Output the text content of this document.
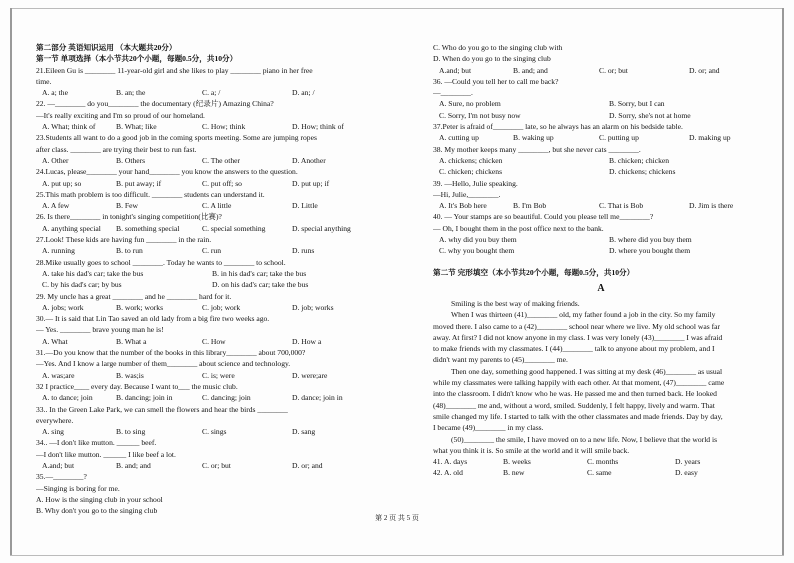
第二部分 英语知识运用 （本大题共20分）
第一节 单项选择（本小节共20个小题，每题0.5分，共10分）
21.Eileen Gu is ________ 11-year-old girl and she likes to play ________ piano in her free
time.
A. a; the	B. an; the	C. a; /	D. an; /
22. —________ do you________ the documentary (纪录片) Amazing China?
—It's really exciting and I'm so proud of our homeland.
A. What; think of	B. What; like	C. How; think	D. How; think of
23.Students all want to do a good job in the coming sports meeting. Some are jumping ropes
after class. ________ are trying their best to run fast.
A. Other	B. Others	C. The other	D. Another
24.Lucas, please________ your hand________ you know the answers to the question.
A. put up; so	B. put away; if	C. put off; so	D. put up; if
25.This math problem is too difficult. ________ students can understand it.
A. A few	B. Few	C. A little	D. Little
26. Is there________ in tonight's singing competition(比赛)?
A. anything special B. something special	C. special something	D. special anything
27.Look! These kids are having fun ________ in the rain.
A. running	B. to run	C. run	D. runs
28.Mike usually goes to school ________. Today he wants to ________ to school.
A. take his dad's car; take the bus	B. in his dad's car; take the bus
C. by his dad's car; by bus	D. on his dad's car; take the bus
29. My uncle has a great ________ and he ________ hard for it.
A. jobs; work	B. work; works	C. job; work	D. job; works
30.— It is said that Lin Tao saved an old lady from a big fire two weeks ago.
— Yes. ________ brave young man he is!
A. What	B. What a	C. How	D. How a
31.—Do you know that the number of the books in this library________ about 700,000?
—Yes. And I know a large number of them________ about science and technology.
A. was;are	B. was;is	C. is; were	D. were;are
32 I practice____ every day. Because I want to___ the music club.
A. to dance; join	B. dancing; join in	C. dancing; join	D. dance; join in
33.. In the Green Lake Park, we can smell the flowers and hear the birds ________
everywhere.
A. sing	B. to sing	C. sings	D. sang
34.. —I don't like mutton. ______ beef.
—I don't like mutton. ______ I like beef a lot.
A.and; but	B. and; and	C. or; but	D. or; and
35.—________?
—Singing is boring for me.
A. How is the singing club in your school
B. Why don't you go to the singing club
C. Who do you go to the singing club with
D. When do you go to the singing club
A.and; but	B. and; and	C. or; but	D. or; and
36. —Could you tell her to call me back?
—________.
A. Sure, no problem	B. Sorry, but I can
C. Sorry, I'm not busy now	D. Sorry, she's not at home
37.Peter is afraid of________ late, so he always has an alarm on his bedside table.
A. cutting up	B. waking up	C. putting up	D. making up
38. My mother keeps many ________, but she never cats ________.
A. chickens; chicken	B. chicken; chicken
C. chicken; chickens	D. chickens; chickens
39. —Hello, Julie speaking.
—Hi, Julie,________.
A. It's Bob here	B. I'm Bob	C. That is Bob	D. Jim is there
40. — Your stamps are so beautiful. Could you please tell me________?
— Oh, I bought them in the post office next to the bank.
A. why did you buy them	B. where did you buy them
C. why you bought them	D. where you bought them
第二节 完形填空（本小节共20个小题，每题0.5分，共10分）
A
Smiling is the best way of making friends.
When I was thirteen (41)________ old, my father found a job in the city. So my family
moved there. I also came to a (42)________ school near where we live. My old school was far
away. At first? I did not know anyone in my class. I was very lonely (43)________ I was afraid
to make friends with my classmates. I (44)________ talk to anyone about my problem, and I
didn't want my parents to (45)________ me.
Then one day, something good happened. I was sitting at my desk (46)________ as usual
while my classmates were talking happily with each other. At that moment, (47)________ came
into the classroom. I didn't know who he was. He passed me and then turned back. He looked
(48)________ me and, without a word, smiled. Suddenly, I felt happy, lively and warm. That
smile changed my life. I started to talk with the other classmates and made friends. Day by day,
I became (49)________ in my class.
(50)________ the smile, I have moved on to a new life. Now, I believe that the world is
what you think it is. So smile at the world and it will smile back.
41. A. days	B. weeks	C. months	D. years
42. A. old	B. new	C. same	D. easy
第 2 页 共 5 页
